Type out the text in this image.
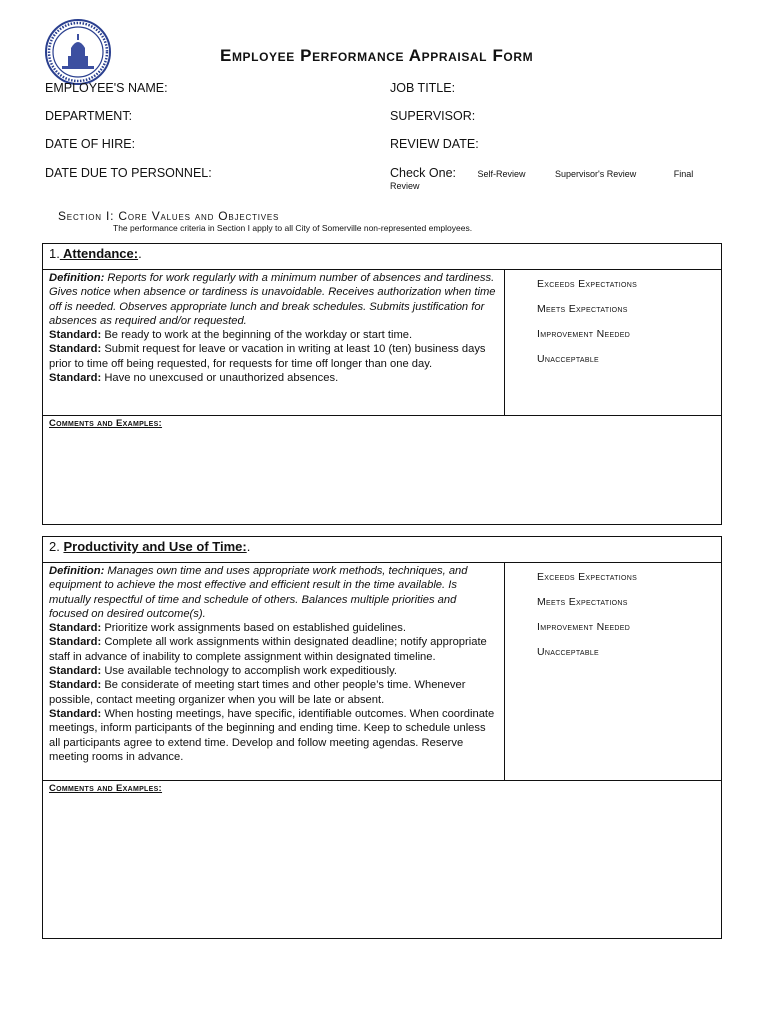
Employee Performance Appraisal Form
EMPLOYEE'S NAME:	JOB TITLE:
DEPARTMENT:	SUPERVISOR:
DATE OF HIRE:	REVIEW DATE:
DATE DUE TO PERSONNEL:	Check One: Self-Review	Supervisor's Review	Final
Review
Section I: Core Values and Objectives
The performance criteria in Section I apply to all City of Somerville non-represented employees.
1. Attendance:.
Definition: Reports for work regularly with a minimum number of absences and tardiness. Gives notice when absence or tardiness is unavoidable. Receives authorization when time off is needed. Observes appropriate lunch and break schedules. Submits justification for absences as required and/or requested.
Standard: Be ready to work at the beginning of the workday or start time.
Standard: Submit request for leave or vacation in writing at least 10 (ten) business days prior to time off being requested, for requests for time off longer than one day.
Standard: Have no unexcused or unauthorized absences.
Exceeds Expectations
Meets Expectations
Improvement Needed
Unacceptable
Comments and Examples:
2. Productivity and Use of Time:.
Definition: Manages own time and uses appropriate work methods, techniques, and equipment to achieve the most effective and efficient result in the time available. Is mutually respectful of time and schedule of others. Balances multiple priorities and focused on desired outcome(s).
Standard: Prioritize work assignments based on established guidelines.
Standard: Complete all work assignments within designated deadline; notify appropriate staff in advance of inability to complete assignment within designated timeline.
Standard: Use available technology to accomplish work expeditiously.
Standard: Be considerate of meeting start times and other people’s time. Whenever possible, contact meeting organizer when you will be late or absent.
Standard: When hosting meetings, have specific, identifiable outcomes. When coordinate meetings, inform participants of the beginning and ending time. Keep to schedule unless all participants agree to extend time. Develop and follow meeting agendas. Reserve meeting rooms in advance.
Exceeds Expectations
Meets Expectations
Improvement Needed
Unacceptable
Comments and Examples:
